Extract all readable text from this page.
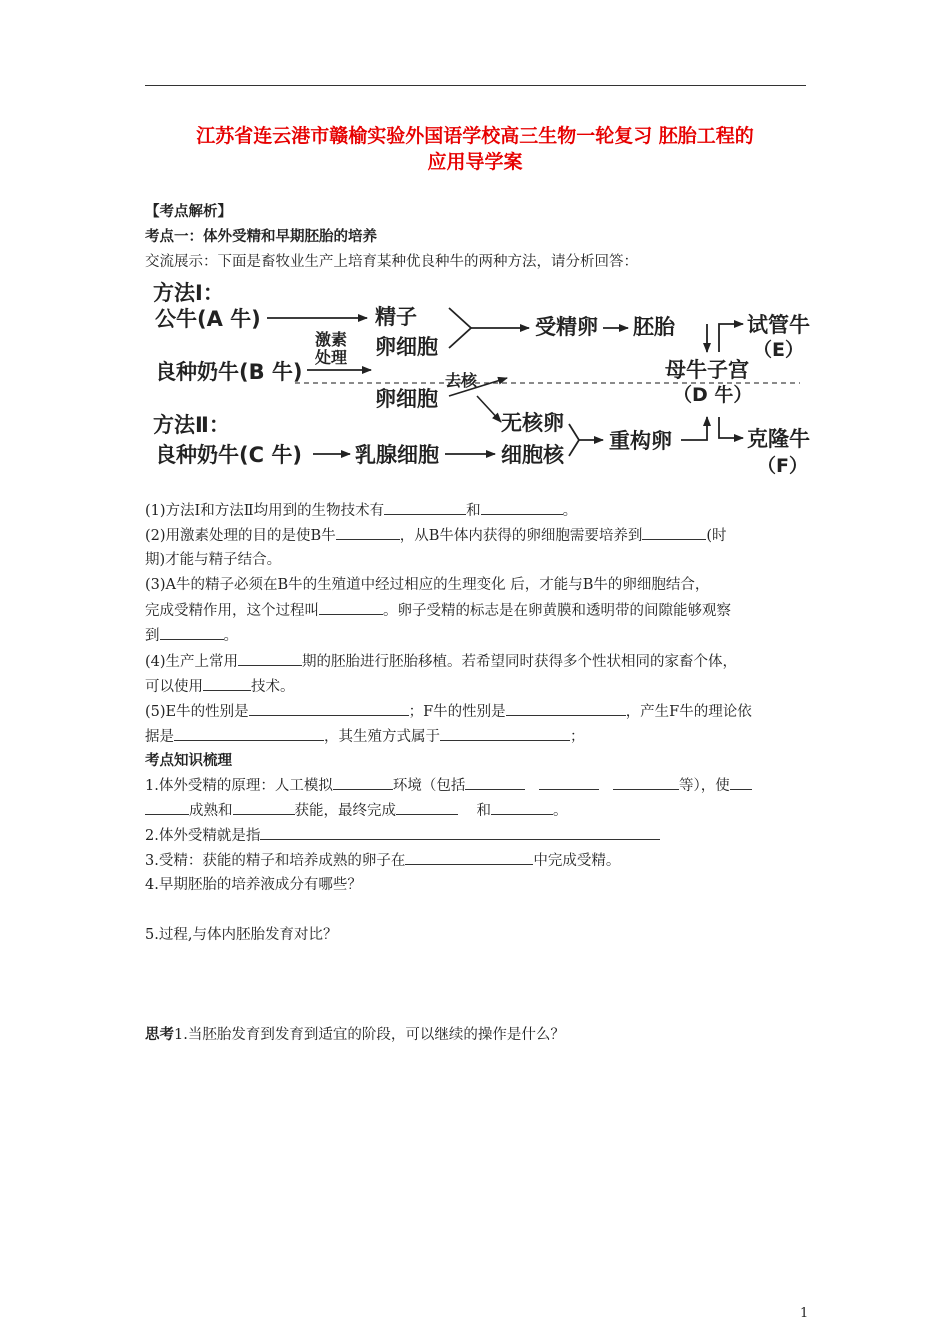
江苏省连云港市赣榆实验外国语学校高三生物一轮复习 胚胎工程的
应用导学案
【考点解析】
考点一：体外受精和早期胚胎的培养
交流展示：下面是畜牧业生产上培育某种优良种牛的两种方法，请分析回答：
方法Ⅰ：
公牛(A 牛)	精子
卵细胞
激素
处理
受精卵 胚胎	试管牛
（E）
良种奶牛(B 牛)	母牛子宫
（D 牛）
卵细胞
去核
方法Ⅱ：	无核卵
良种奶牛(C 牛)	乳腺细胞	细胞核
重构卵	克隆牛
（F）
(1)方法Ⅰ和方法Ⅱ均用到的生物技术有	和	。
(2)用激素处理的目的是使B牛	，从B牛体内获得的卵细胞需要培养到	(时
期)才能与精子结合。
(3)A牛的精子必须在B牛的生殖道中经过相应的生理变化 后，才能与B牛的卵细胞结合，
完成受精作用，这个过程叫	。卵子受精的标志是在卵黄膜和透明带的间隙能够观察
到	。
(4)生产上常用	期的胚胎进行胚胎移植。若希望同时获得多个性状相同的家畜个体，
可以使用	技术。
(5)E牛的性别是	；F牛的性别是	，产生F牛的理论依
据是	，其生殖方式属于	；
考点知识梳理
1.体外受精的原理：人工模拟	环境（包括	等），使
成熟和	获能，最终完成	和	。
2.体外受精就是指
3.受精：获能的精子和培养成熟的卵子在	中完成受精。
4.早期胚胎的培养液成分有哪些？
5.过程,与体内胚胎发育对比？
思考1.当胚胎发育到发育到适宜的阶段，可以继续的操作是什么？
1
